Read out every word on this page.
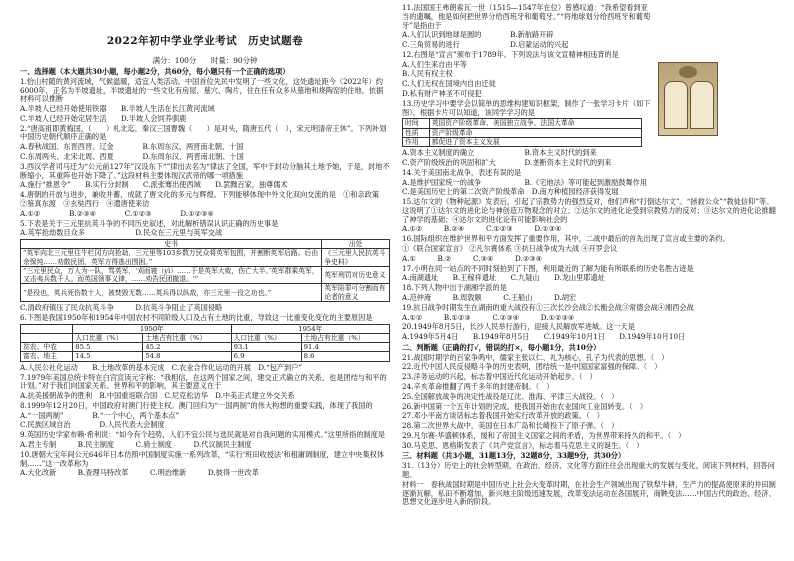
2022年初中学业学业考试　历史试题卷
满分：100分　　时量：90分钟
一、选择题（本大题共30小题，每小题2分，共60分，每小题只有一个正确的选项）
1.恰山村随的黄河流域，气候温暖，适宜人类活动。中国首位先民中发明了一些文化，这处遗址距今（2022年）约6000年，正名为半坡遗址，半坡遗址的一些文化有房屋、墓穴、陶片，住在任有众多从墓地和烧陶窑的住地。依据材料可以推断
A.半坡人已经开始使用铁器　　B.半坡人生活在长江黄河流域
C.半坡人已经开始定居生活　　D.半坡人会饲养驯鹿
2.“唐高祖即黄梅国，（　　）札北迄，秦汉三国曹魏（　　）是对头，隋唐五代（　），宋元明清帝王休”。下列补划中国历史朝代顺序正确的是
A.春秋战国、东晋西晋、辽金　　　　B.东周东汉、两晋南北朝、十国
C.东周两头、北宋北周、西夏　　　　D.东周东汉、两晋南北朝、十国
3.西汉学者司马迁为“公元前127年”汉设东下“”律出去名为“律法了全国，军中于封功分脑其土地予她，于是，封地不断缩小，其重阵也开始下降了。”这段材料主要体现汉武帝的哪一项措施
A.施行“推恩令”　　B.实行分封制　　C.派张骞出使西域　　D.罢黜百家，独尊儒术
4.唐朝的开放与进步，兼收并蓄，成就了唐文化的多元与辉煌。下列能够体现中外文化双向交流的是　①和亲政策　②鉴真东渡　③玄奘西行　④遣唐使来访
A.①②　　　　B.②③④　　　　C.①②③　　　　D.①②③④
5.下表是关于三元里抗英斗争的不同历史叙述，对此解析错误认识正确的历史事是
A.英军抢劫数目众多　　　　　　　D.民众在三元里与英军交战
史书	出处
“英军向北三元里往牛栏冈方向抢劫，三元里等103乡数万民众将英军包围，并割断英军后路。后由余保纯……劝散民团，英军方得逃出围困。”	《三元里人民抗英斗争史料》
“三元里民众，万人为一队，骂英军，'刈而寝（yì）……于是英军大败，伤亡大半。’英军群乘英军，又击夷兵数千人。而英国领事义律，……劝告民团撤退。'”	英军刑罚对历史意义
“是役也，英兵死伤数十人，被焚毁无数……英兵得以纵敌，亦三元里一役之功也。”	英军陷罪可分割而有论者的意义
C.清政府镇压了民众抗英斗争　　　D.抗英斗争阻止了英国侵略
6.下图是我国1950年和1954年中国农村不同阶级人口及占有土地的比重，导致这一比重变化变化的主要原因是
	1950年		1954年	
	人口比重（%）	土地占有比重（%）	人口比重（%）	土地占有比重（%）
贫农、中农	85.5	45.2	93.1	91.4
富农、地主	14.5	54.8	6.9	8.6
A.人民公社化运动　　B.土地改革的基本完成　C.农业合作化运动的开展　D.“包产到户”
7.1979年美国总统卡特在白宫宣读元字称：“我相信，在这两个国家之间，建交正式确立的关系，也是团结与和平的计划。”对于我们向国家关系、世界和平的影响，其主要意义在于
A.抗美援朝战争的胜利　B.中国重返联合国　C.尼克松访华　D.中美正式建立外交关系
8.1999年12月20日，中国政府对澳门行使主权。澳门回归为“一国两制”的伟大构想的重要实践，体现了我国的
A.“一国两制”　　　　B.“一个中心，两个基本点”
C.民族区域自治　　　　D.人民代表大会制度
9.英国历史学家布赖·希利说：“如今有个趋势，人们不宜公民与选民就是对自我问题的实用模式。”这里所指的制度是
A.君主专制　　　B.民主制度　　　C.骑士制度　　　D.代议制民主制度
10.唐朝大宝年间公元646年日本仿照中国制度实施一系列改革，“实行‘班田收授法’和租庸调制度，建立中央集权体制……”这一改革称为
A.大化改新　　　B.查理马特改革　　　C.明治维新　　　D.彼得一世改革
11.法国国王弗朗索瓦一世（1515—1547年在位）曾感叹道：“我希望看到亚当的遗嘱，他是如何把世界分给西班牙和葡萄牙。”“将地球划分给西班牙和葡萄牙”是指由于
A.人们认识到地球是圆的　　　　B.新航路开辟
C.三角贸易的进行　　　　　　　D.启蒙运动的兴起
12.右图是“宣言”颁布于1789年。下列说法与该文宣精神相违背的是
A.人们生来自由平等
B.人民有权主权
C.人们无权在国境内自由迁徙
D.私有财产神圣不可侵犯
13.历史学习中要学会以简单的思维构建知识框架，制作了一张学习卡片（如下图），根据卡片可以知道，该同学学习的是
时间	英国资产阶级革命、美国独立战争、法国大革命
性质	资产阶级革命
作用	都促进了资本主义发展
A.资本主义制度的确立　　　　　　　B.资本主义时代的到来
C.资产阶级统治的巩固和扩大　　　　D.垄断资本主义时代的到来
14.关于美国南北战争，表述有误的是
A.是维护国家统一的战争　　　　　　B.《宅地法》等可能起到激励鼓舞作用
C.是美国历史上的第二次资产阶级革命　D.南方种植园经济获得发展
15.达尔文的《物种起源》发表后，引起了宗教势力的强烈反对，他们声称“打倒达尔文”。“拯救公众”“教徒信仰”等。这说明了①达尔文的进化论与神创造万物观念的对立；②达尔文的进化论受到宗教势力的反对；③达尔文的进化论推翻了神学的基础；④达尔文的进化论有可能影响社会的
A.①②　　　B.②④　　　C.①②③　　　D.①③④
16.国际组织在维护世界和平方面发挥了重要作用，其中，二战中最后的首先出现了宣言或主要的条约。
①《联合国家宣言》 ②凡尔赛体系 ③抗日战争成为大战 ④开罗会议
A.①　　　B.②　　　C.③④　　　D.②③④
17.小明在同一站点的不同时刻拍到了下图，利用最近的了解为能有所联系的历史名胜古迹是
A.南湖遗址　　B.王稼祥遗址　　C.九疑山　　D.龙山里耶遗址
18.下列人物中出于湖湘学派的是
A.范仲淹　　　B.周敦颐　　　C.王船山　　　D.胡宏
19.抗日战争时期发生在湖南的重大战役有①三次长沙会战②长衡会战③常德会战④湘西会战
A.①②　　　B.①②③　　　C.②③④　　　D.①②③④
20.1949年8月5日，长沙人民举行游行，迎接人民解放军进城。这一天是
A.1949年5月4日　　B.1949年8月5日　　C.1949年10月1日　　D.1949年10月10日
二、判断题（正确的打√，错误的打×，每小题1分，共10分）
21.战国时期学的百家争鸣中，儒家主张以仁、礼为核心，孔子为代表的思想。（　）
22.近代中国人民反侵略斗争的历史表明，团结统一是中国国家富强的保障。（　）
23.洋务运动的兴起，标志着中国近代化运动开始起步。（　）
24.辛亥革命推翻了两千多年的封建帝制。（　）
25.全国解放战争的决定性战役是辽沈、淮海、平津三大战役。（　）
26.新中国第一个五年计划的完成，使我国开始由农业国向工业国转变。（　）
27.邓小平南方谈话标志着我国开始实行改革开放的政策。（　）
28.第二次世界大战中，美国在日本广岛和长崎投下了原子弹。（　）
29.凡尔赛-华盛顿体系，缓和了帝国主义国家之间的矛盾，为世界带来持久的和平。（　）
30.马克思、恩格斯发表了《共产党宣言》，标志着马克思主义的诞生。（　）
三、材料题（共3小题，31题13分，32题8分，33题9分，共30分）
31.（13分）历史上的社会转型期，在政治、经济、文化等方面往往会出现重大的发展与变化，阅读下列材料，回答问题。
材料一　春秋战国时期是中国历史上社会大变革时期，在社会生产领域出现了铁犁牛耕，生产力的提高使原来的井田制逐渐瓦解，私田不断增加，新兴地主阶级迅速发展，改革变法运动在各国展开，商鞅变法……中国古代的政治、经济、思想文化逐步进入新的阶段。
